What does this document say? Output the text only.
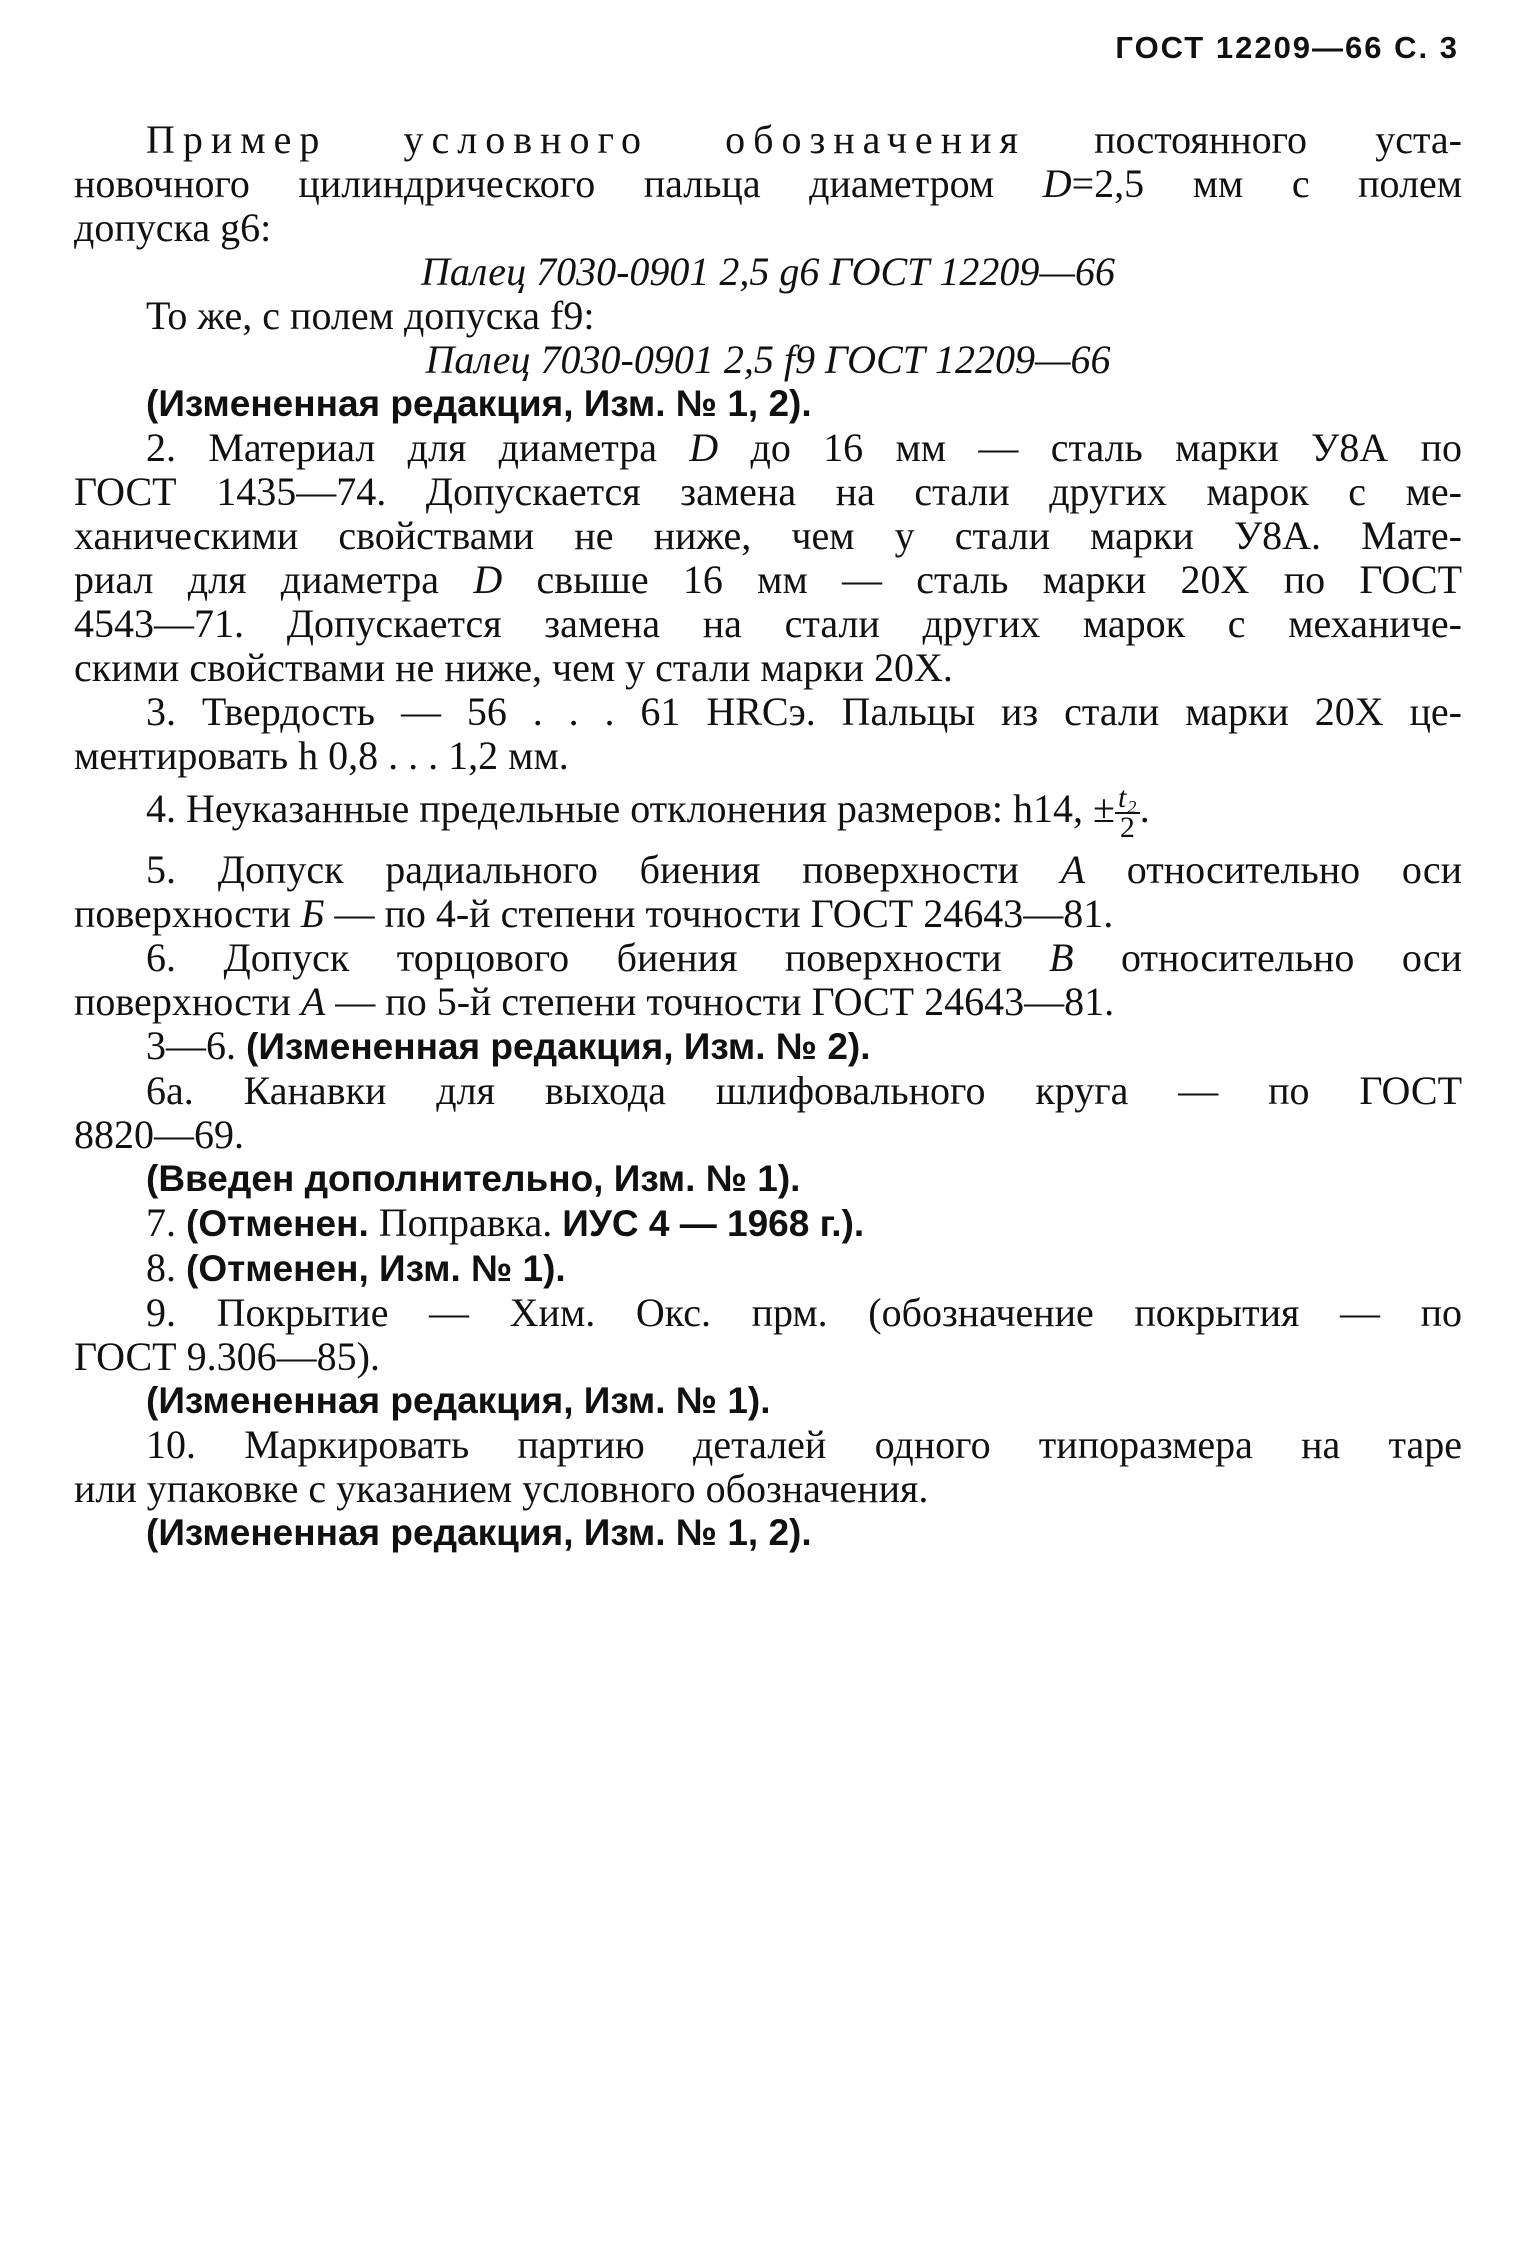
ГОСТ 12209—66 С. 3
Пример условного обозначения постоянного уста-
новочного цилиндрического пальца диаметром D=2,5 мм с полем
допуска g6:
Палец 7030-0901 2,5 g6 ГОСТ 12209—66
То же, с полем допуска f9:
Палец 7030-0901 2,5 f9 ГОСТ 12209—66
(Измененная редакция, Изм. № 1, 2).
2. Материал для диаметра D до 16 мм — сталь марки У8А по
ГОСТ 1435—74. Допускается замена на стали других марок с ме-
ханическими свойствами не ниже, чем у стали марки У8А. Мате-
риал для диаметра D свыше 16 мм — сталь марки 20Х по ГОСТ
4543—71. Допускается замена на стали других марок с механиче-
скими свойствами не ниже, чем у стали марки 20Х.
3. Твердость — 56 . . . 61 HRCэ. Пальцы из стали марки 20Х це-
ментировать h 0,8 . . . 1,2 мм.
4. Неуказанные предельные отклонения размеров: h14, ± $\frac{\text{t₂}}{2}$ .
5. Допуск радиального биения поверхности А относительно оси
поверхности Б — по 4-й степени точности ГОСТ 24643—81.
6. Допуск торцового биения поверхности В относительно оси
поверхности А — по 5-й степени точности ГОСТ 24643—81.
3—6. (Измененная редакция, Изм. № 2).
6а. Канавки для выхода шлифовального круга — по ГОСТ
8820—69.
(Введен дополнительно, Изм. № 1).
7. (Отменен. Поправка. ИУС 4 — 1968 г.).
8. (Отменен, Изм. № 1).
9. Покрытие — Хим. Окс. прм. (обозначение покрытия — по
ГОСТ 9.306—85).
(Измененная редакция, Изм. № 1).
10. Маркировать партию деталей одного типоразмера на таре
или упаковке с указанием условного обозначения.
(Измененная редакция, Изм. № 1, 2).
